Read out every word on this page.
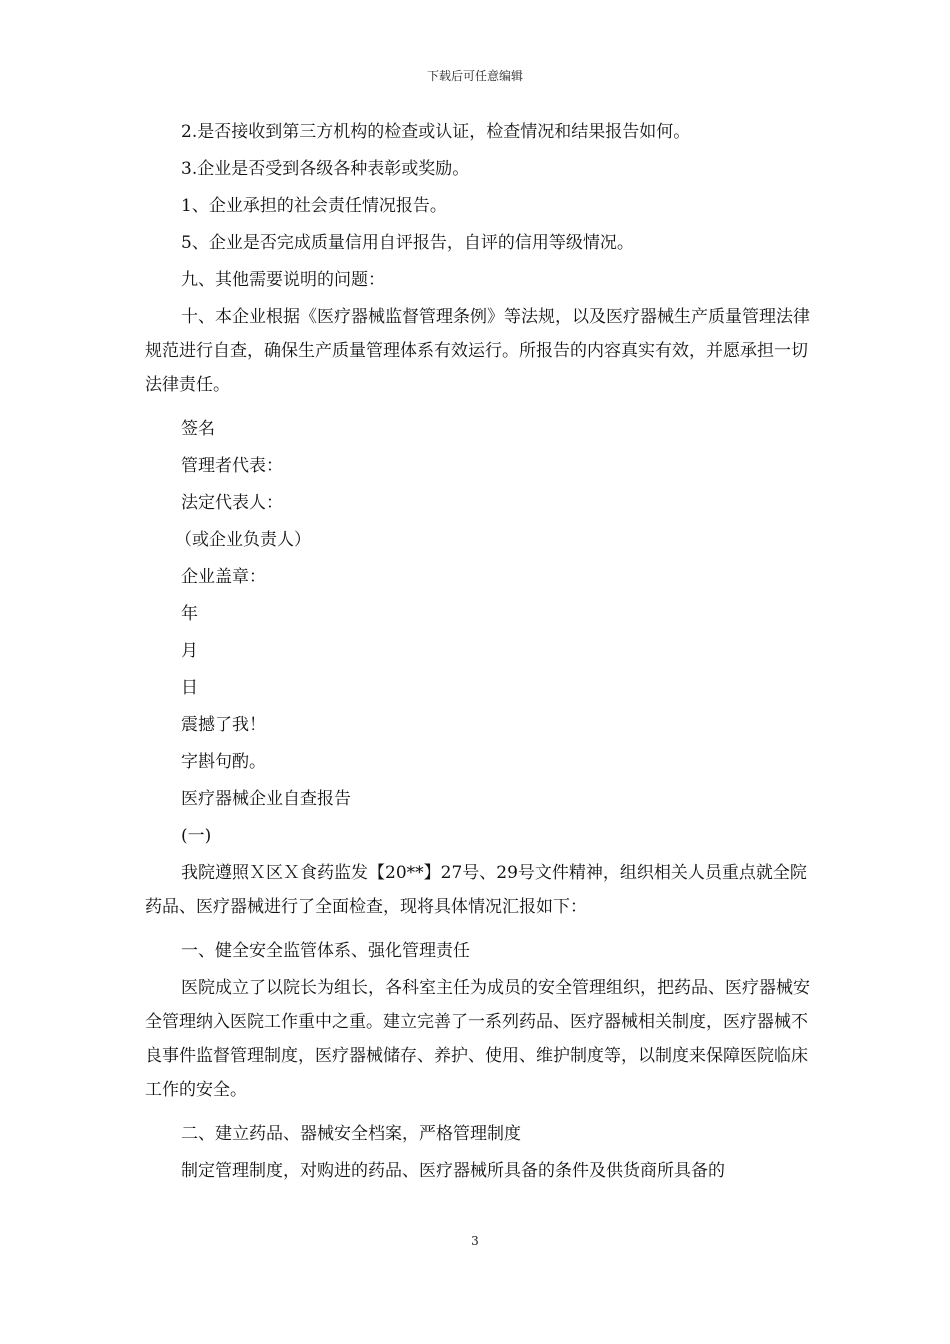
下载后可任意编辑

2.是否接收到第三方机构的检查或认证，检查情况和结果报告如何。

3.企业是否受到各级各种表彰或奖励。

1、企业承担的社会责任情况报告。

5、企业是否完成质量信用自评报告，自评的信用等级情况。

九、其他需要说明的问题：

十、本企业根据《医疗器械监督管理条例》等法规，以及医疗器械生产质量管理法律规范进行自查，确保生产质量管理体系有效运行。所报告的内容真实有效，并愿承担一切法律责任。

签名

管理者代表：

法定代表人：

（或企业负责人）

企业盖章：

年

月

日

震撼了我！

字斟句酌。

医疗器械企业自查报告

(一)

我院遵照Ｘ区Ｘ食药监发【20**】27号、29号文件精神，组织相关人员重点就全院药品、医疗器械进行了全面检查，现将具体情况汇报如下：

一、健全安全监管体系、强化管理责任

医院成立了以院长为组长，各科室主任为成员的安全管理组织，把药品、医疗器械安全管理纳入医院工作重中之重。建立完善了一系列药品、医疗器械相关制度，医疗器械不良事件监督管理制度，医疗器械储存、养护、使用、维护制度等，以制度来保障医院临床工作的安全。

二、建立药品、器械安全档案，严格管理制度

制定管理制度，对购进的药品、医疗器械所具备的条件及供货商所具备的

3
